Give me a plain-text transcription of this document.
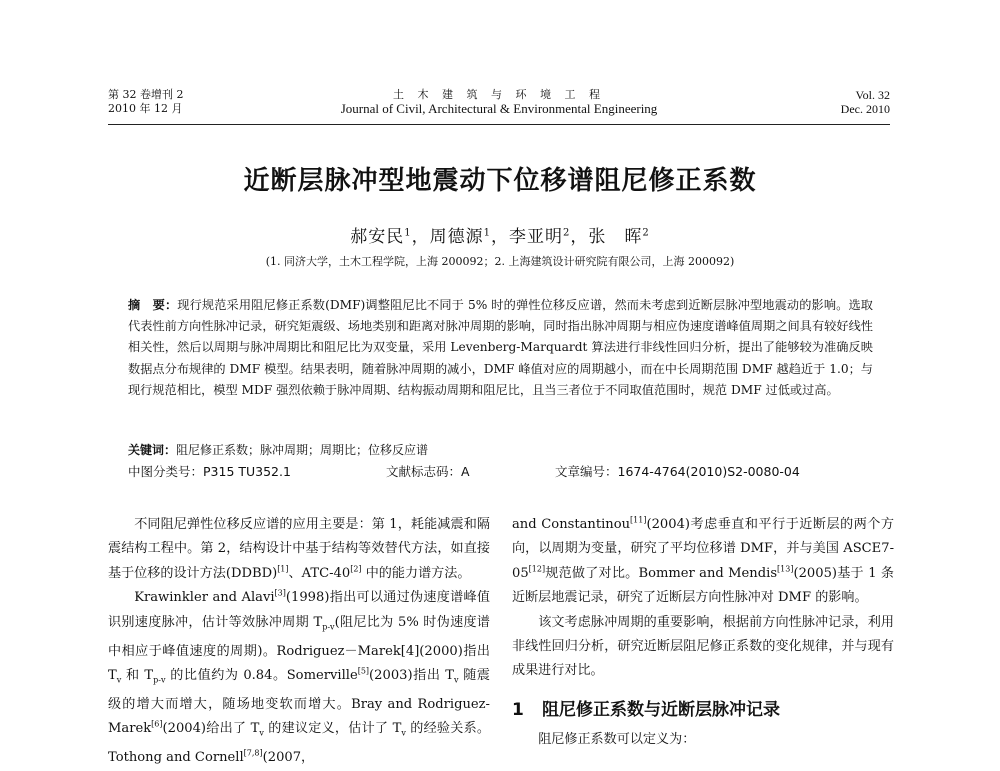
第 32 卷增刊 2
2010 年 12 月
土 木 建 筑 与 环 境 工 程
Journal of Civil, Architectural & Environmental Engineering
Vol. 32
Dec. 2010
近断层脉冲型地震动下位移谱阻尼修正系数
郝安民$^1$，周德源$^1$，李亚明$^2$，张　晖$^2$
(1. 同济大学，土木工程学院，上海 200092；2. 上海建筑设计研究院有限公司，上海 200092)
摘　要：现行规范采用阻尼修正系数(DMF)调整阻尼比不同于 5% 时的弹性位移反应谱，然而未考虑到近断层脉冲型地震动的影响。选取代表性前方向性脉冲记录，研究矩震级、场地类别和距离对脉冲周期的影响，同时指出脉冲周期与相应伪速度谱峰值周期之间具有较好线性相关性，然后以周期与脉冲周期比和阻尼比为双变量，采用 Levenberg-Marquardt 算法进行非线性回归分析，提出了能够较为准确反映数据点分布规律的 DMF 模型。结果表明，随着脉冲周期的减小，DMF 峰值对应的周期越小，而在中长周期范围 DMF 越趋近于 1.0；与现行规范相比，模型 MDF 强烈依赖于脉冲周期、结构振动周期和阻尼比，且当三者位于不同取值范围时，规范 DMF 过低或过高。
关键词：阻尼修正系数；脉冲周期；周期比；位移反应谱
中图分类号：P315 TU352.1	文献标志码：A	文章编号：1674-4764(2010)S2-0080-04

不同阻尼弹性位移反应谱的应用主要是：第 1，耗能减震和隔震结构工程中。第 2，结构设计中基于结构等效替代方法，如直接基于位移的设计方法(DDBD)[1]、ATC-40[2] 中的能力谱方法。

Krawinkler and Alavi[3](1998)指出可以通过伪速度谱峰值识别速度脉冲，估计等效脉冲周期 $T_{p-v}$(阻尼比为 5% 时伪速度谱中相应于峰值速度的周期)。Rodriguez－Marek[4](2000)指出 $T_v$ 和 $T_{p-v}$ 的比值约为 0.84。Somerville[5](2003)指出 $T_v$ 随震级的增大而增大，随场地变软而增大。Bray and Rodriguez-Marek[6](2004)给出了 $T_v$ 的建议定义，估计了 $T_v$ 的经验关系。Tothong and Cornell[7,8](2007，

and Constantinou[11](2004)考虑垂直和平行于近断层的两个方向，以周期为变量，研究了平均位移谱 DMF，并与美国 ASCE7-05[12]规范做了对比。Bommer and Mendis[13](2005)基于 1 条近断层地震记录，研究了近断层方向性脉冲对 DMF 的影响。

该文考虑脉冲周期的重要影响，根据前方向性脉冲记录，利用非线性回归分析，研究近断层阻尼修正系数的变化规律，并与现有成果进行对比。

1 阻尼修正系数与近断层脉冲记录

阻尼修正系数可以定义为：
